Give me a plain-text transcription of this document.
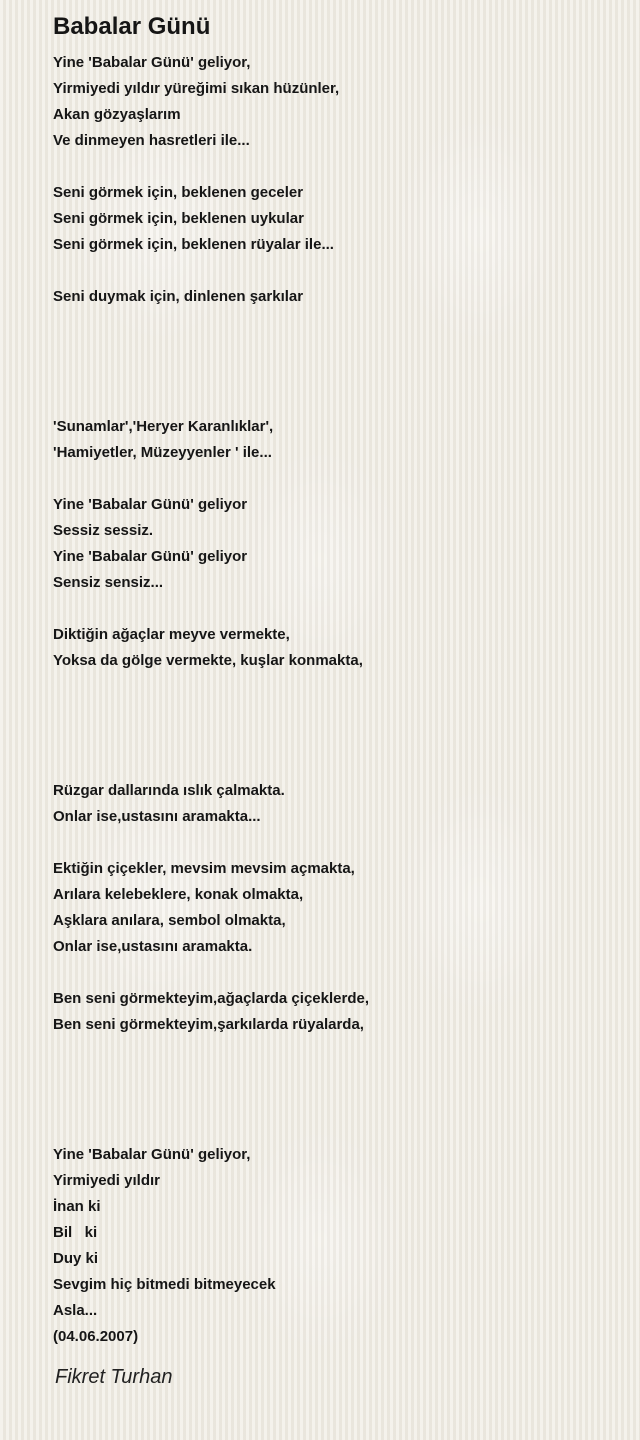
Babalar Günü
Yine 'Babalar Günü' geliyor,
Yirmiyedi yıldır yüreğimi sıkan hüzünler,
Akan gözyaşlarım
Ve dinmeyen hasretleri ile...

Seni görmek için, beklenen geceler
Seni görmek için, beklenen uykular
Seni görmek için, beklenen rüyalar ile...

Seni duymak için, dinlenen şarkılar

'Sunamlar','Heryer Karanlıklar',
'Hamiyetler, Müzeyyenler ' ile...

Yine 'Babalar Günü' geliyor
Sessiz sessiz.
Yine 'Babalar Günü' geliyor
Sensiz sensiz...

Diktiğin ağaçlar meyve vermekte,
Yoksa da gölge vermekte, kuşlar konmakta,

Rüzgar dallarında ıslık çalmakta.
Onlar ise,ustasını aramakta...

Ektiğin çiçekler, mevsim mevsim açmakta,
Arılara kelebeklere, konak olmakta,
Aşklara anılara, sembol olmakta,
Onlar ise,ustasını aramakta.

Ben seni görmekteyim,ağaçlarda çiçeklerde,
Ben seni görmekteyim,şarkılarda rüyalarda,

Yine 'Babalar Günü' geliyor,
Yirmiyedi yıldır
İnan ki
Bil   ki
Duy ki
Sevgim hiç bitmedi bitmeyecek
Asla...

(04.06.2007)
Fikret Turhan
